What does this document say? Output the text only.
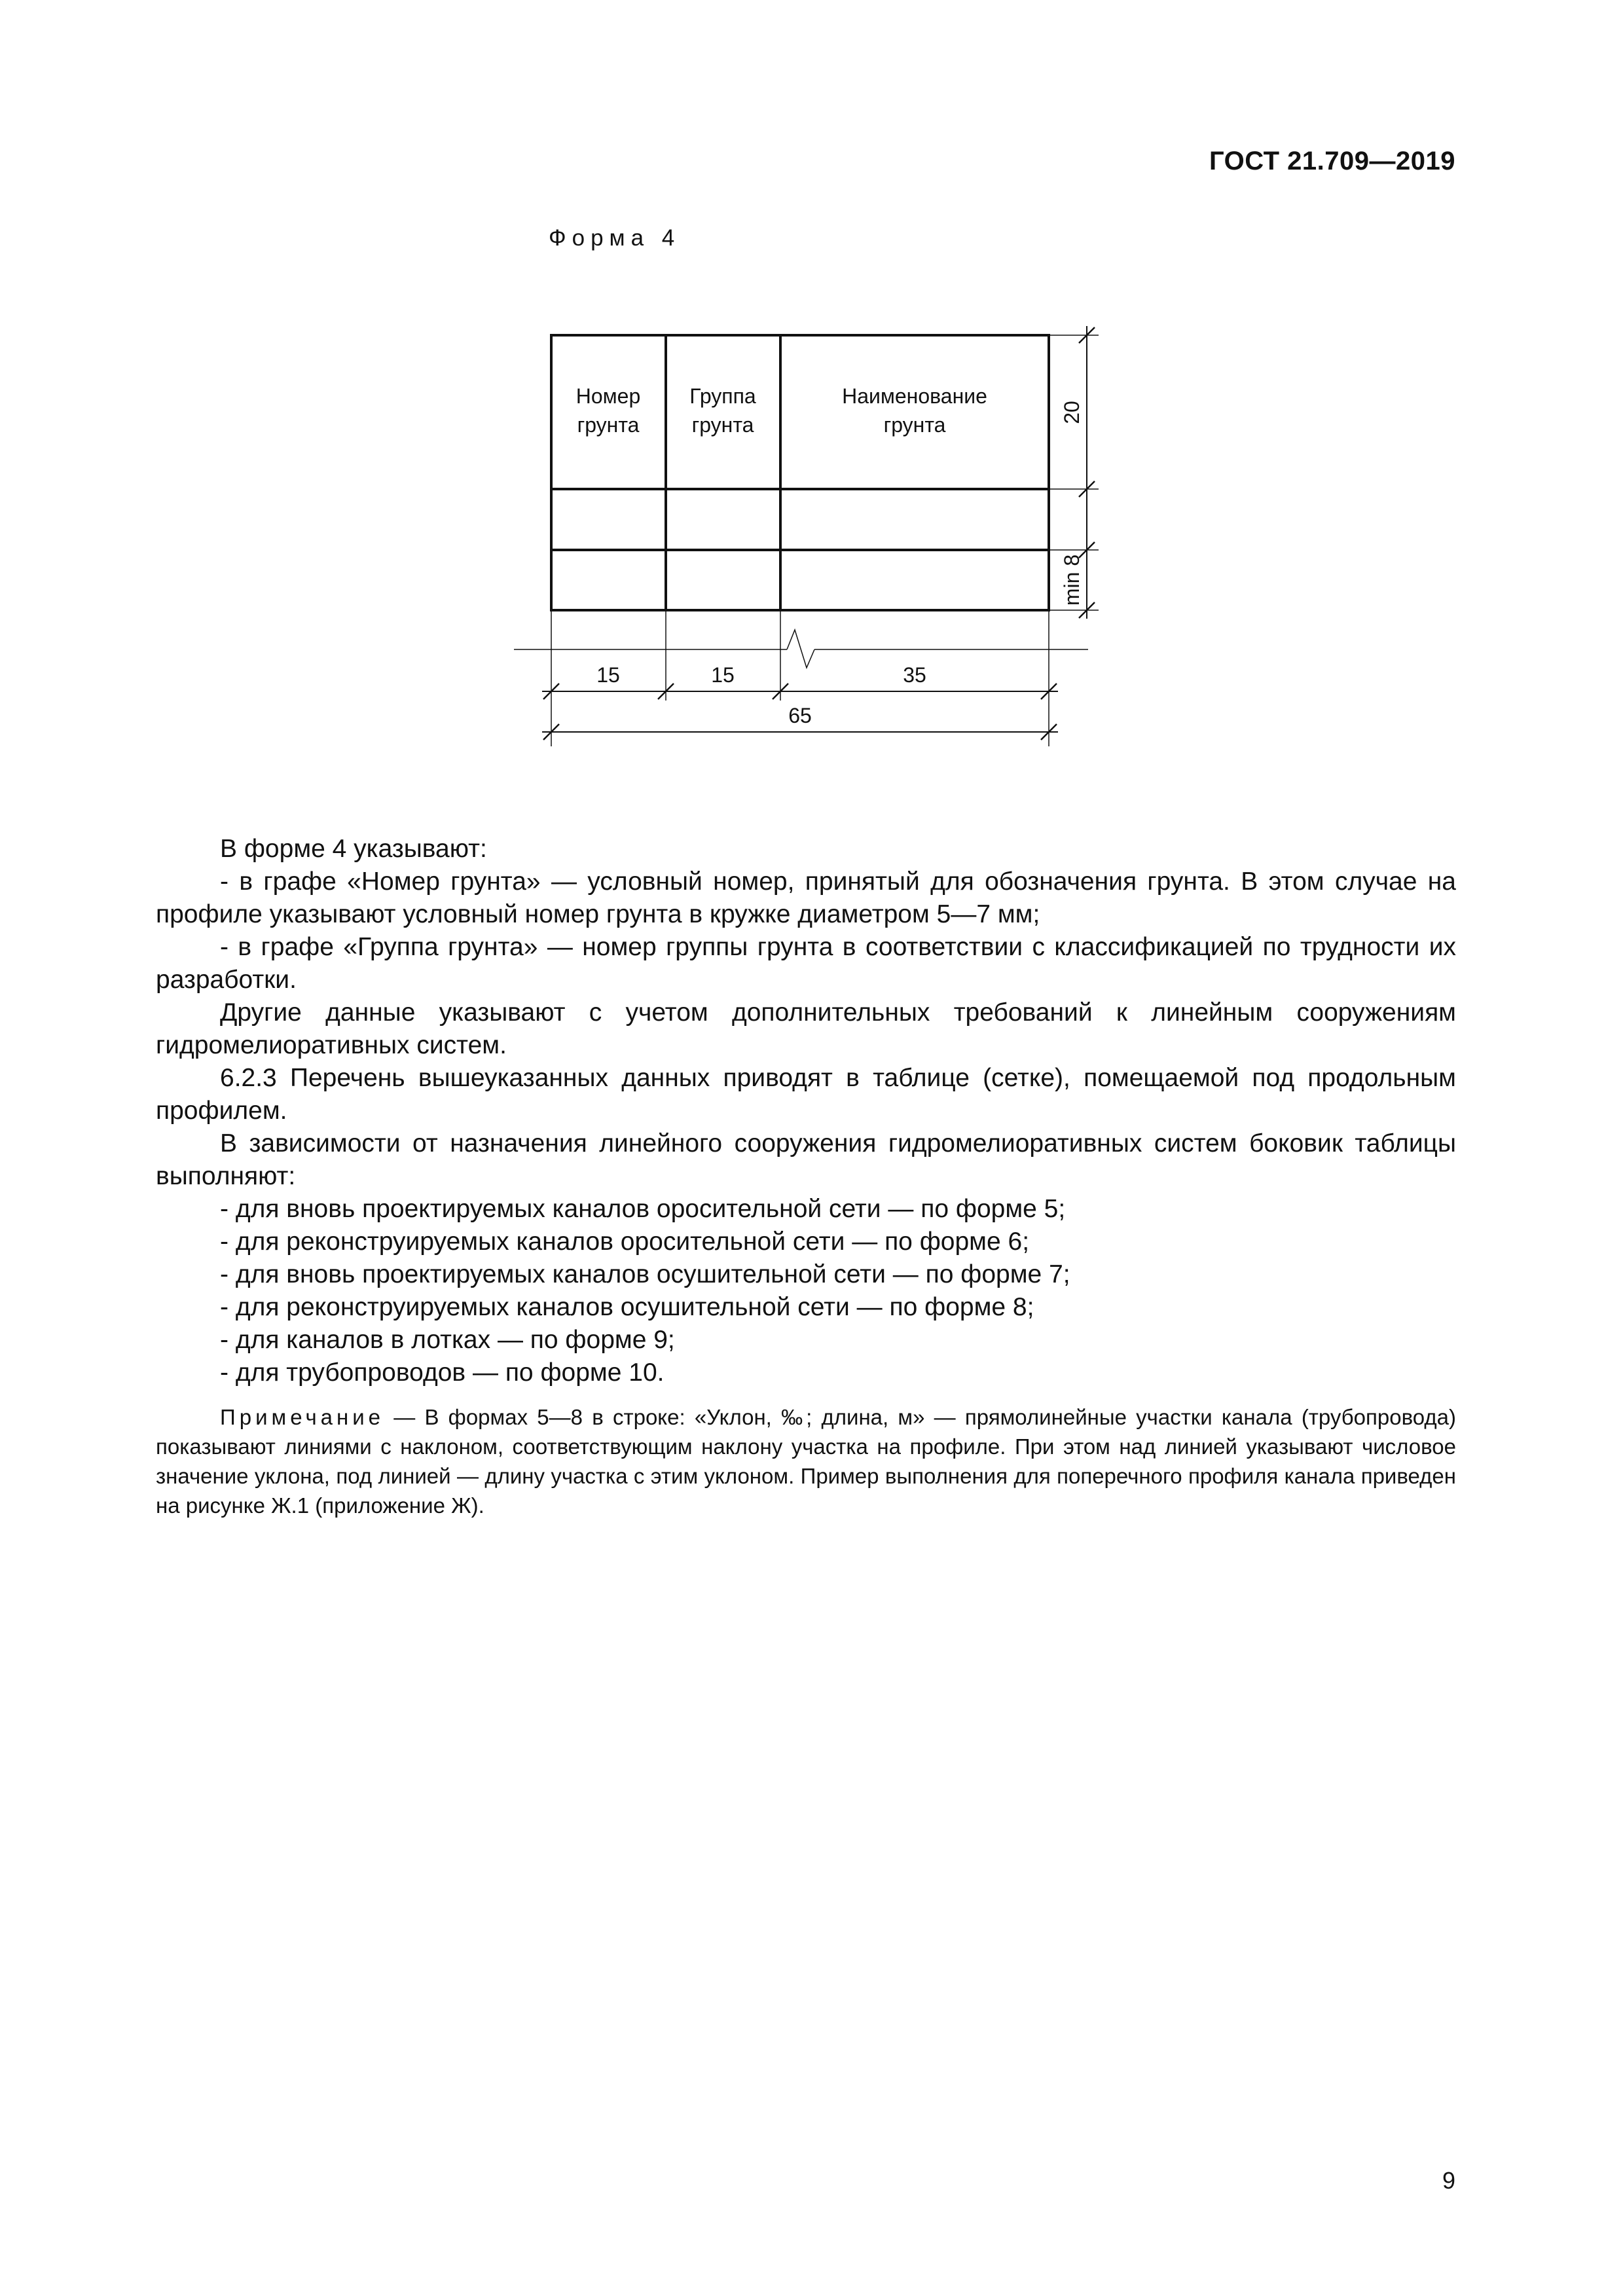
ГОСТ 21.709—2019
Форма 4
Номер
грунта
Группа
грунта
Наименование
грунта
15	15	35
65
20
min 8

В форме 4 указывают:

- в графе «Номер грунта» — условный номер, принятый для обозначения грунта. В этом случае на профиле указывают условный номер грунта в кружке диаметром 5—7 мм;

- в графе «Группа грунта» — номер группы грунта в соответствии с классификацией по трудности их разработки.

Другие данные указывают с учетом дополнительных требований к линейным сооружениям гидромелиоративных систем.

6.2.3 Перечень вышеуказанных данных приводят в таблице (сетке), помещаемой под продольным профилем.

В зависимости от назначения линейного сооружения гидромелиоративных систем боковик таблицы выполняют:

- для вновь проектируемых каналов оросительной сети — по форме 5;

- для реконструируемых каналов оросительной сети — по форме 6;

- для вновь проектируемых каналов осушительной сети — по форме 7;

- для реконструируемых каналов осушительной сети — по форме 8;

- для каналов в лотках — по форме 9;

- для трубопроводов — по форме 10.

Примечание — В формах 5—8 в строке: «Уклон, ‰; длина, м» — прямолинейные участки канала (трубопровода) показывают линиями с наклоном, соответствующим наклону участка на профиле. При этом над линией указывают числовое значение уклона, под линией — длину участка с этим уклоном. Пример выполнения для поперечного профиля канала приведен на рисунке Ж.1 (приложение Ж).
9
